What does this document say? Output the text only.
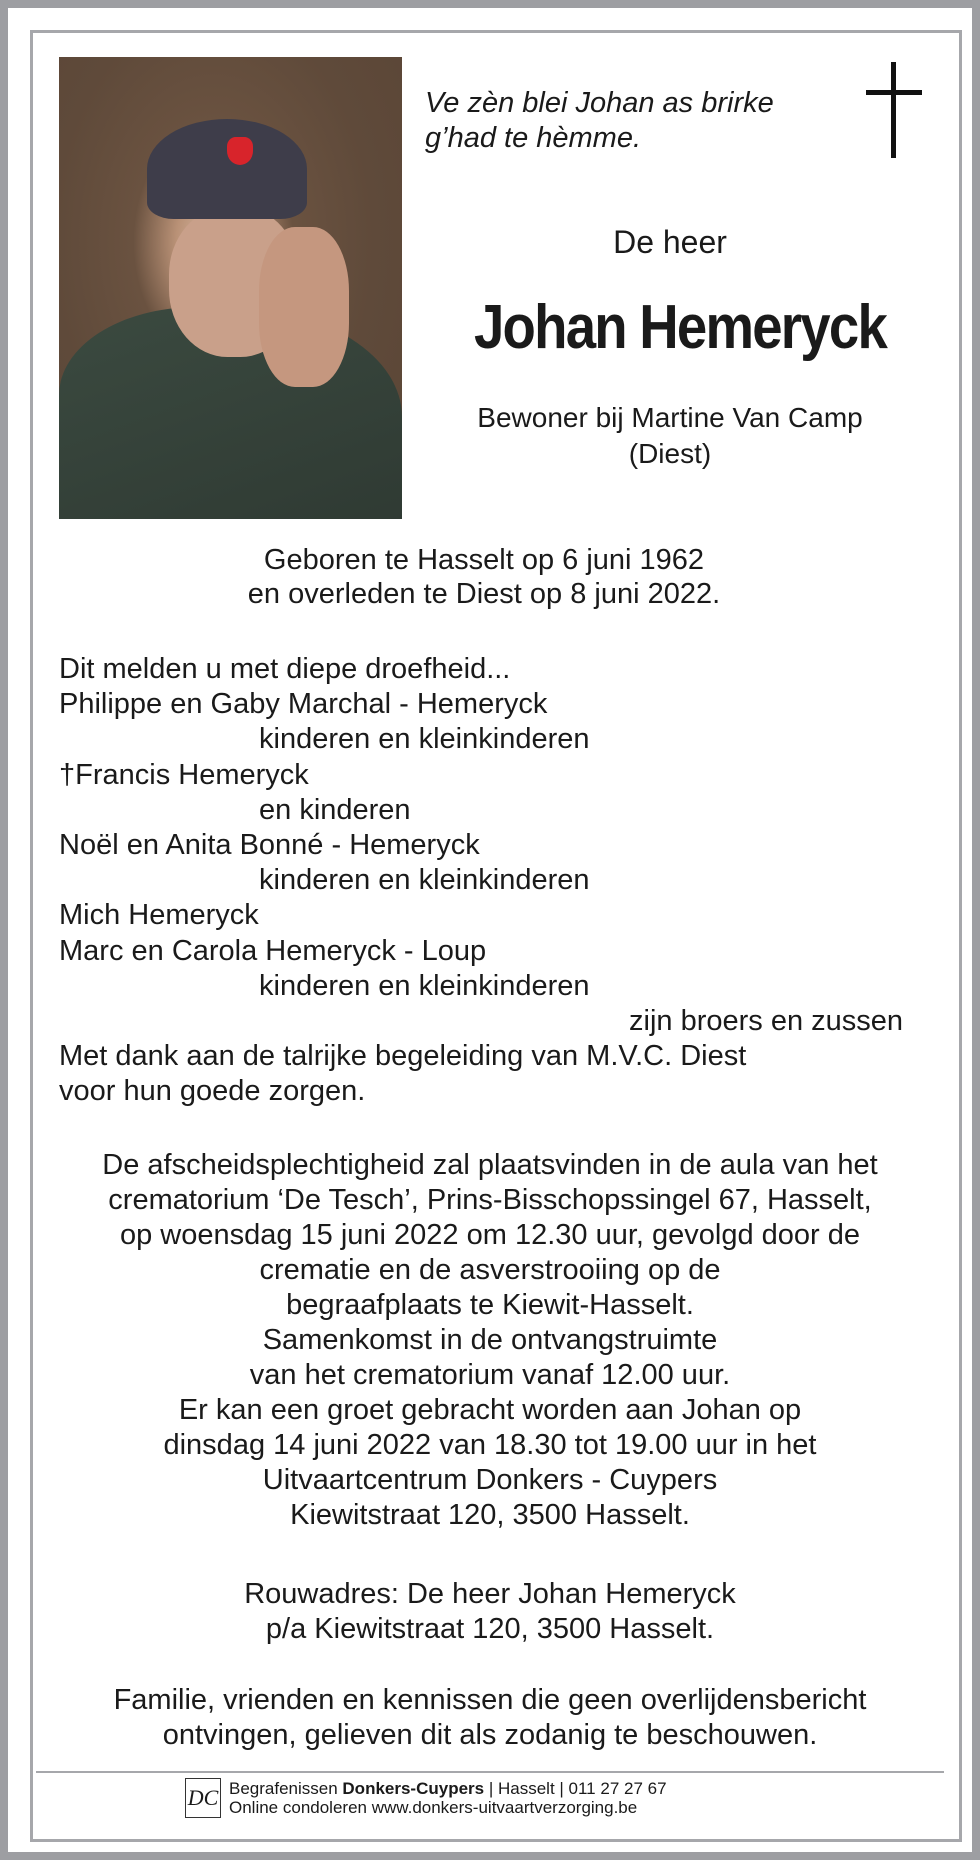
Ve zèn blei Johan as brirke
g’had te hèmme.
De heer
Johan Hemeryck
Bewoner bij Martine Van Camp
(Diest)
Geboren te Hasselt op 6 juni 1962
en overleden te Diest op 8 juni 2022.
Dit melden u met diepe droefheid...
Philippe en Gaby Marchal - Hemeryck
kinderen en kleinkinderen
†Francis Hemeryck
en kinderen
Noël en Anita Bonné - Hemeryck
kinderen en kleinkinderen
Mich Hemeryck
Marc en Carola Hemeryck - Loup
kinderen en kleinkinderen
zijn broers en zussen
Met dank aan de talrijke begeleiding van M.V.C. Diest
voor hun goede zorgen.
De afscheidsplechtigheid zal plaatsvinden in de aula van het
crematorium ‘De Tesch’, Prins-Bisschopssingel 67, Hasselt,
op woensdag 15 juni 2022 om 12.30 uur, gevolgd door de
crematie en de asverstrooiing op de
begraafplaats te Kiewit-Hasselt.
Samenkomst in de ontvangstruimte
van het crematorium vanaf 12.00 uur.
Er kan een groet gebracht worden aan Johan op
dinsdag 14 juni 2022 van 18.30 tot 19.00 uur in het
Uitvaartcentrum Donkers - Cuypers
Kiewitstraat 120, 3500 Hasselt.
Rouwadres: De heer Johan Hemeryck
p/a Kiewitstraat 120, 3500 Hasselt.
Familie, vrienden en kennissen die geen overlijdensbericht
ontvingen, gelieven dit als zodanig te beschouwen.
DC Begrafenissen Donkers-Cuypers | Hasselt | 011 27 27 67
Online condoleren www.donkers-uitvaartverzorging.be
